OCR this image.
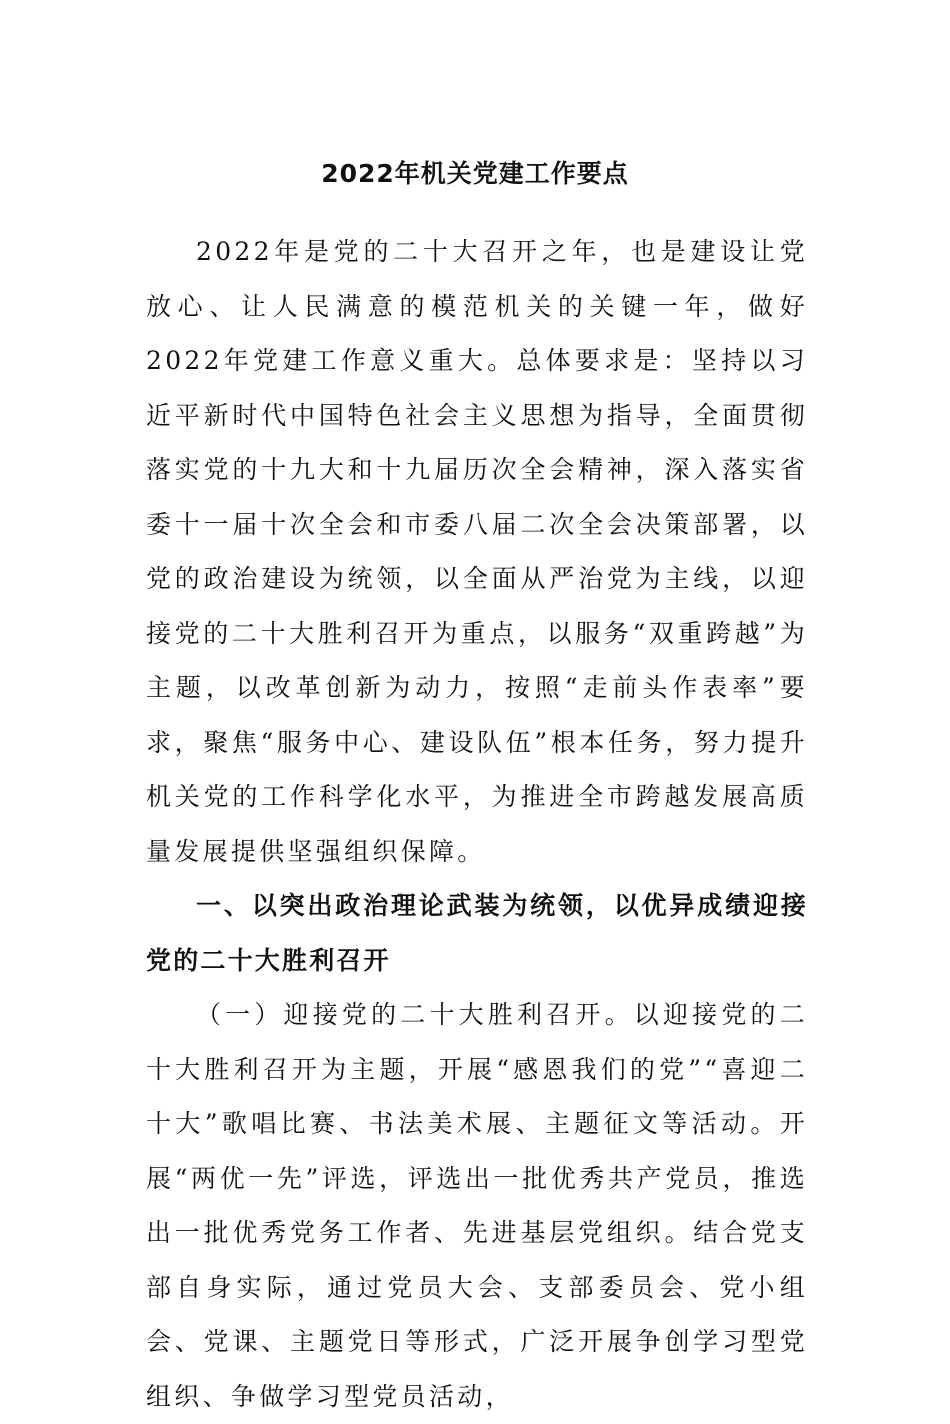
2022年机关党建工作要点

2022年是党的二十大召开之年，也是建设让党放心、让人民满意的模范机关的关键一年，做好2022年党建工作意义重大。总体要求是：坚持以习近平新时代中国特色社会主义思想为指导，全面贯彻落实党的十九大和十九届历次全会精神，深入落实省委十一届十次全会和市委八届二次全会决策部署，以党的政治建设为统领，以全面从严治党为主线，以迎接党的二十大胜利召开为重点，以服务“双重跨越”为主题，以改革创新为动力，按照“走前头作表率”要求，聚焦“服务中心、建设队伍”根本任务，努力提升机关党的工作科学化水平，为推进全市跨越发展高质量发展提供坚强组织保障。

一、以突出政治理论武装为统领，以优异成绩迎接党的二十大胜利召开

（一）迎接党的二十大胜利召开。以迎接党的二十大胜利召开为主题，开展“感恩我们的党”“喜迎二十大”歌唱比赛、书法美术展、主题征文等活动。开展“两优一先”评选，评选出一批优秀共产党员，推选出一批优秀党务工作者、先进基层党组织。结合党支部自身实际，通过党员大会、支部委员会、党小组会、党课、主题党日等形式，广泛开展争创学习型党组织、争做学习型党员活动，
